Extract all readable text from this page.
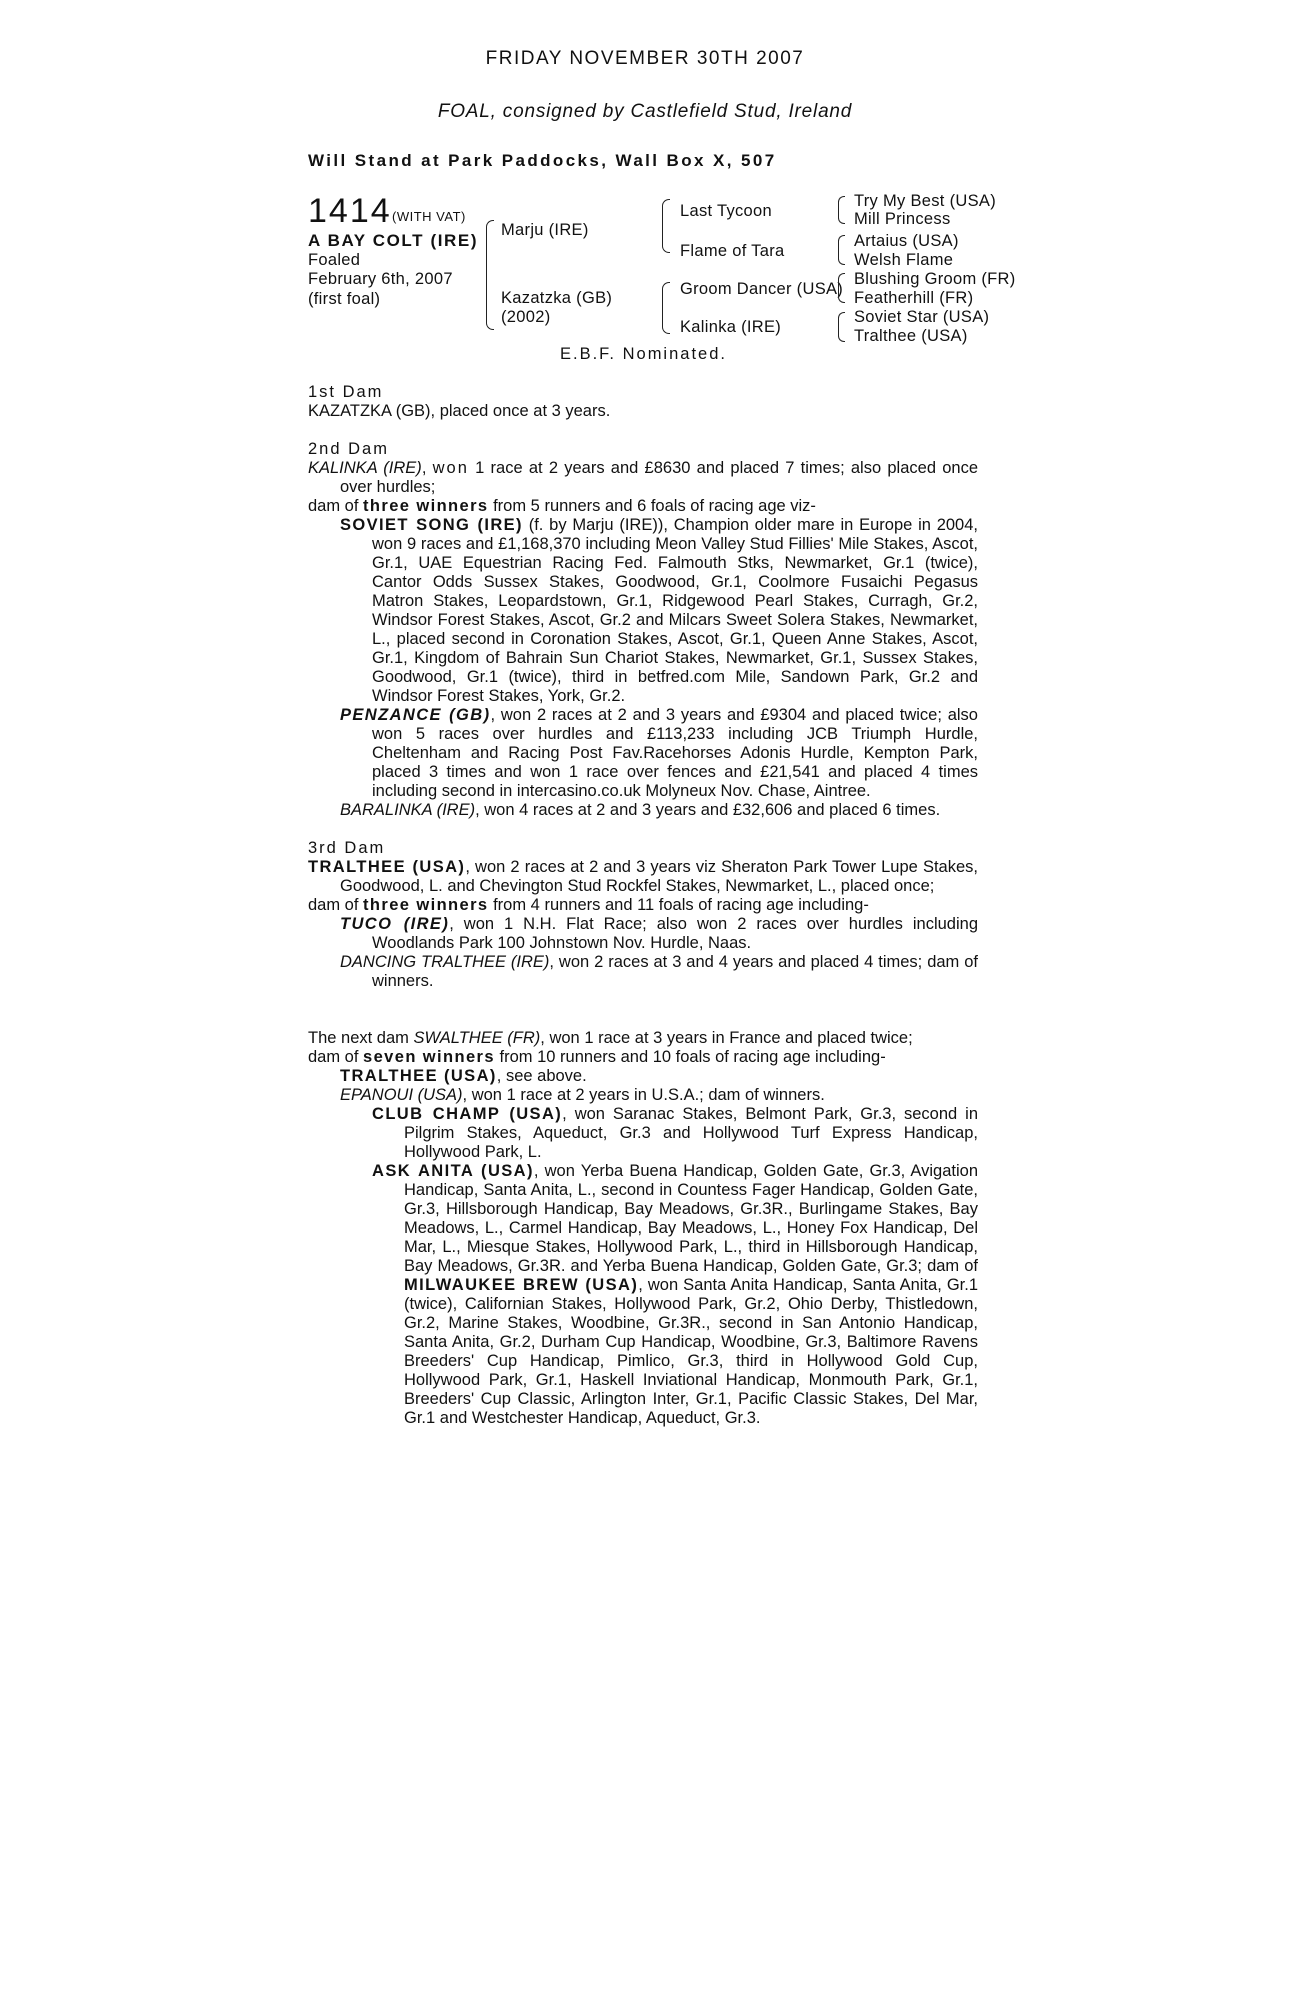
FRIDAY NOVEMBER 30TH 2007
FOAL, consigned by Castlefield Stud, Ireland
Will Stand at Park Paddocks, Wall Box X, 507
1414 (WITH VAT)
A BAY COLT (IRE)
Foaled
February 6th, 2007
(first foal)
Marju (IRE)
Kazatzka (GB)
(2002)
Last Tycoon
Flame of Tara
Groom Dancer (USA)
Kalinka (IRE)
Try My Best (USA)
Mill Princess
Artaius (USA)
Welsh Flame
Blushing Groom (FR)
Featherhill (FR)
Soviet Star (USA)
Tralthee (USA)
E.B.F. Nominated.

1st Dam

KAZATZKA (GB), placed once at 3 years.

2nd Dam

KALINKA (IRE), won 1 race at 2 years and £8630 and placed 7 times; also placed once over hurdles;

dam of three winners from 5 runners and 6 foals of racing age viz-

SOVIET SONG (IRE) (f. by Marju (IRE)), Champion older mare in Europe in 2004, won 9 races and £1,168,370 including Meon Valley Stud Fillies' Mile Stakes, Ascot, Gr.1, UAE Equestrian Racing Fed. Falmouth Stks, Newmarket, Gr.1 (twice), Cantor Odds Sussex Stakes, Goodwood, Gr.1, Coolmore Fusaichi Pegasus Matron Stakes, Leopardstown, Gr.1, Ridgewood Pearl Stakes, Curragh, Gr.2, Windsor Forest Stakes, Ascot, Gr.2 and Milcars Sweet Solera Stakes, Newmarket, L., placed second in Coronation Stakes, Ascot, Gr.1, Queen Anne Stakes, Ascot, Gr.1, Kingdom of Bahrain Sun Chariot Stakes, Newmarket, Gr.1, Sussex Stakes, Goodwood, Gr.1 (twice), third in betfred.com Mile, Sandown Park, Gr.2 and Windsor Forest Stakes, York, Gr.2.

PENZANCE (GB), won 2 races at 2 and 3 years and £9304 and placed twice; also won 5 races over hurdles and £113,233 including JCB Triumph Hurdle, Cheltenham and Racing Post Fav.Racehorses Adonis Hurdle, Kempton Park, placed 3 times and won 1 race over fences and £21,541 and placed 4 times including second in intercasino.co.uk Molyneux Nov. Chase, Aintree.

BARALINKA (IRE), won 4 races at 2 and 3 years and £32,606 and placed 6 times.

3rd Dam

TRALTHEE (USA), won 2 races at 2 and 3 years viz Sheraton Park Tower Lupe Stakes, Goodwood, L. and Chevington Stud Rockfel Stakes, Newmarket, L., placed once;

dam of three winners from 4 runners and 11 foals of racing age including-

TUCO (IRE), won 1 N.H. Flat Race; also won 2 races over hurdles including Woodlands Park 100 Johnstown Nov. Hurdle, Naas.

DANCING TRALTHEE (IRE), won 2 races at 3 and 4 years and placed 4 times; dam of winners.

The next dam SWALTHEE (FR), won 1 race at 3 years in France and placed twice;

dam of seven winners from 10 runners and 10 foals of racing age including-

TRALTHEE (USA), see above.

EPANOUI (USA), won 1 race at 2 years in U.S.A.; dam of winners.

CLUB CHAMP (USA), won Saranac Stakes, Belmont Park, Gr.3, second in Pilgrim Stakes, Aqueduct, Gr.3 and Hollywood Turf Express Handicap, Hollywood Park, L.

ASK ANITA (USA), won Yerba Buena Handicap, Golden Gate, Gr.3, Avigation Handicap, Santa Anita, L., second in Countess Fager Handicap, Golden Gate, Gr.3, Hillsborough Handicap, Bay Meadows, Gr.3R., Burlingame Stakes, Bay Meadows, L., Carmel Handicap, Bay Meadows, L., Honey Fox Handicap, Del Mar, L., Miesque Stakes, Hollywood Park, L., third in Hillsborough Handicap, Bay Meadows, Gr.3R. and Yerba Buena Handicap, Golden Gate, Gr.3; dam of MILWAUKEE BREW (USA), won Santa Anita Handicap, Santa Anita, Gr.1 (twice), Californian Stakes, Hollywood Park, Gr.2, Ohio Derby, Thistledown, Gr.2, Marine Stakes, Woodbine, Gr.3R., second in San Antonio Handicap, Santa Anita, Gr.2, Durham Cup Handicap, Woodbine, Gr.3, Baltimore Ravens Breeders' Cup Handicap, Pimlico, Gr.3, third in Hollywood Gold Cup, Hollywood Park, Gr.1, Haskell Inviational Handicap, Monmouth Park, Gr.1, Breeders' Cup Classic, Arlington Inter, Gr.1, Pacific Classic Stakes, Del Mar, Gr.1 and Westchester Handicap, Aqueduct, Gr.3.
